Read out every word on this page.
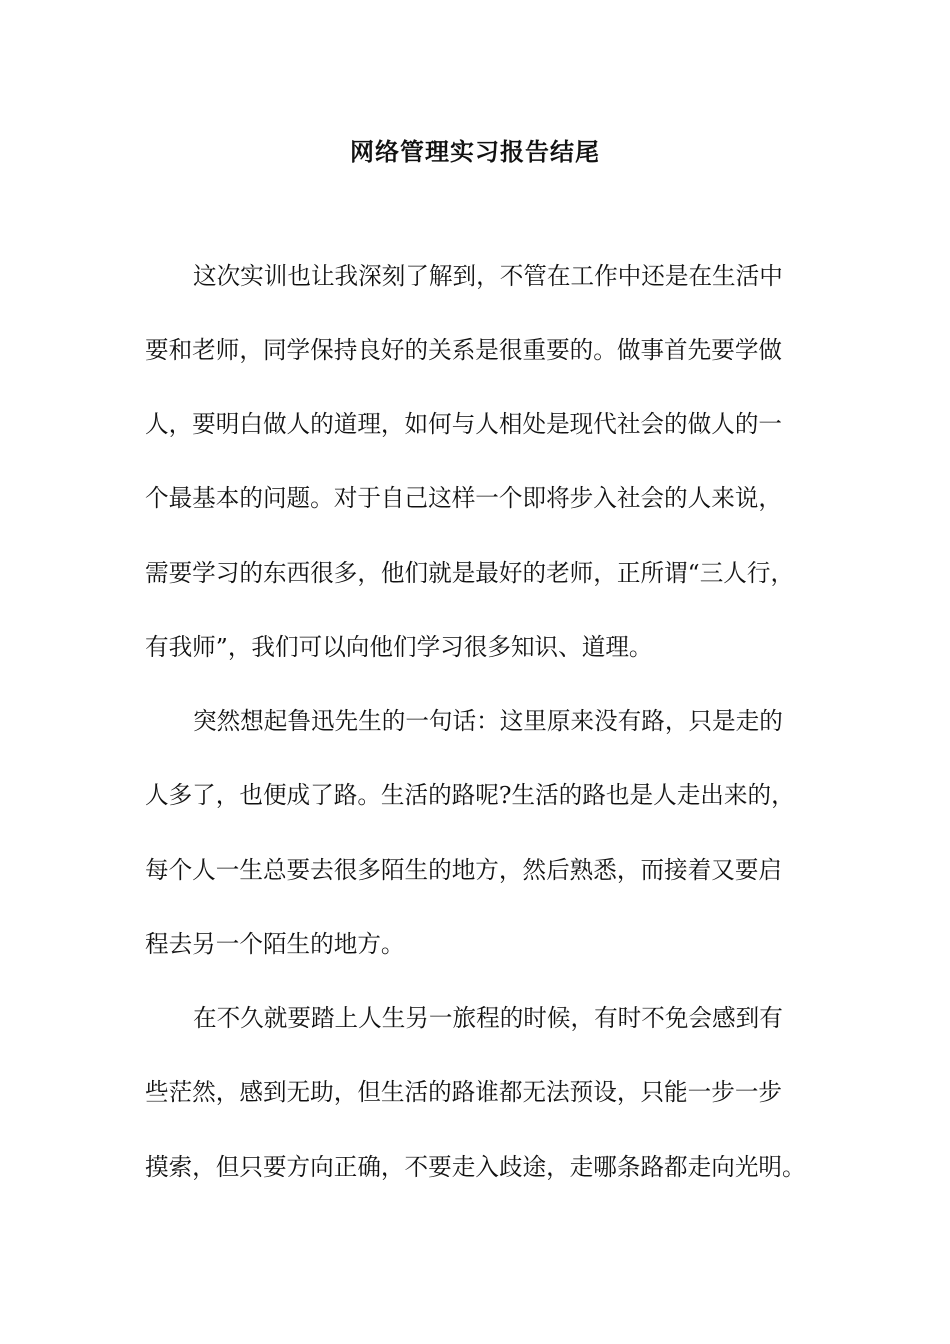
网络管理实习报告结尾

这次实训也让我深刻了解到，不管在工作中还是在生活中

要和老师，同学保持良好的关系是很重要的。做事首先要学做

人，要明白做人的道理，如何与人相处是现代社会的做人的一

个最基本的问题。对于自己这样一个即将步入社会的人来说，

需要学习的东西很多，他们就是最好的老师，正所谓“三人行，

有我师”，我们可以向他们学习很多知识、道理。

突然想起鲁迅先生的一句话：这里原来没有路，只是走的

人多了，也便成了路。生活的路呢?生活的路也是人走出来的，

每个人一生总要去很多陌生的地方，然后熟悉，而接着又要启

程去另一个陌生的地方。

在不久就要踏上人生另一旅程的时候，有时不免会感到有

些茫然，感到无助，但生活的路谁都无法预设，只能一步一步

摸索，但只要方向正确，不要走入歧途，走哪条路都走向光明。
